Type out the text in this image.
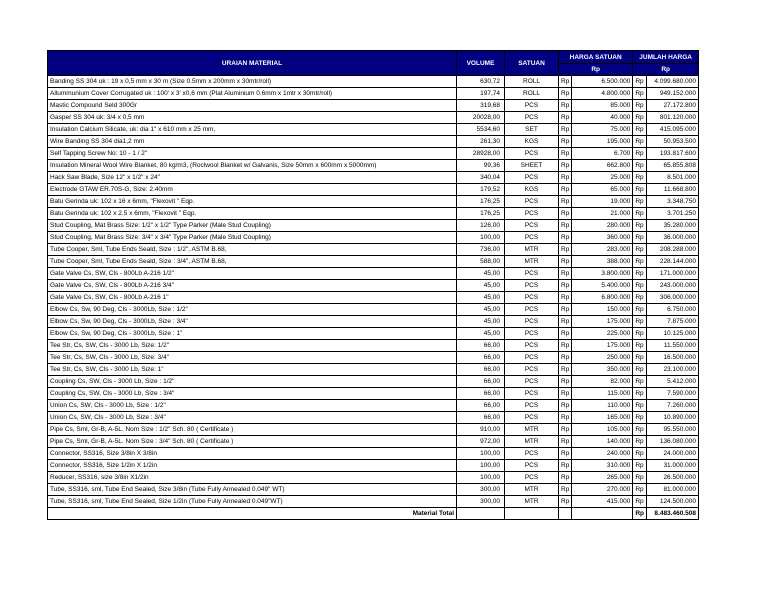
URAIAN MATERIAL	VOLUME	SATUAN	HARGA SATUAN		JUMLAH HARGA	
			Rp		Rp	
Banding SS 304 uk : 19 x 0,5 mm x 30 m (Size 0.5mm x 200mm x 30mtr/roll)	630,72	ROLL	Rp	6.500.000	Rp	4.099.680.000
Allummunium Cover Corrugated uk : 100' x 3' x0,6 mm (Plat Aluminium 0.6mm x 1mtr x 30mtr/roll)	197,74	ROLL	Rp	4.800.000	Rp	949.152.000
Mastic Compound Seld 300Gr	319,68	PCS	Rp	85.000	Rp	27.172.800
Gasper SS 304 uk: 3/4 x 0,5 mm	20028,00	PCS	Rp	40.000	Rp	801.120.000
Insulation Calcium Silicate, uk: dia 1" x 610 mm x 25 mm,	5534,60	SET	Rp	75.000	Rp	415.095.000
Wire Banding SS 304 dia1,2 mm	261,30	KGS	Rp	195.000	Rp	50.953.500
Self Tapping Screw No: 10 - 1 / 2"	28928,00	PCS	Rp	6.700	Rp	193.817.600
Insulation Mineral Wool Wire Blanket, 80 kg/m3, (Roclwool Blanket w/ Galvanis, Size 50mm x 600mm x 5000mm)	99,36	SHEET	Rp	662.800	Rp	65.855.808
Hack Saw Blade, Size 12" x 1/2" x 24"	340,04	PCS	Rp	25.000	Rp	8.501.000
Electrode GTAW ER.70S-G, Size: 2.40mm	179,52	KGS	Rp	65.000	Rp	11.668.800
Batu Gerinda uk: 102 x 16 x 6mm, "Flexovit " Eqp.	176,25	PCS	Rp	19.000	Rp	3.348.750
Batu Gerinda uk: 102 x 2.5 x 6mm, "Flexovit " Eqp.	176,25	PCS	Rp	21.000	Rp	3.701.250
Stud Coupling, Mat Brass Size: 1/2" x 1/2" Type Parker (Male Stud Coupling)	126,00	PCS	Rp	280.000	Rp	35.280.000
Stud Coupling, Mat Brass Size: 3/4" x 3/4" Type Parker (Male Stud Coupling)	100,00	PCS	Rp	360.000	Rp	36.000.000
Tube Cooper, Sml, Tube Ends Seald, Size : 1/2", ASTM B.68,	736,00	MTR	Rp	283.000	Rp	208.288.000
Tube Cooper, Sml, Tube Ends Seald, Size : 3/4", ASTM B.68,	588,00	MTR	Rp	388.000	Rp	228.144.000
Gate Valve Cs, SW, Cls - 800Lb A-216 1/2"	45,00	PCS	Rp	3.800.000	Rp	171.000.000
Gate Valve Cs, SW, Cls - 800Lb A-216 3/4"	45,00	PCS	Rp	5.400.000	Rp	243.000.000
Gate Valve Cs, SW, Cls - 800Lb A-216 1"	45,00	PCS	Rp	6.800.000	Rp	306.000.000
Elbow Cs, Sw, 90 Deg, Cls - 3000Lb, Size : 1/2"	45,00	PCS	Rp	150.000	Rp	6.750.000
Elbow Cs, Sw, 90 Deg, Cls - 3000Lb, Size : 3/4"	45,00	PCS	Rp	175.000	Rp	7.875.000
Elbow Cs, Sw, 90 Deg, Cls - 3000Lb, Size : 1"	45,00	PCS	Rp	225.000	Rp	10.125.000
Tee Str, Cs, SW, Cls - 3000 Lb, Size: 1/2"	66,00	PCS	Rp	175.000	Rp	11.550.000
Tee Str, Cs, SW, Cls - 3000 Lb, Size: 3/4"	66,00	PCS	Rp	250.000	Rp	16.500.000
Tee Str, Cs, SW, Cls - 3000 Lb, Size: 1"	66,00	PCS	Rp	350.000	Rp	23.100.000
Coupling Cs, SW, Cls - 3000 Lb, Size : 1/2"	66,00	PCS	Rp	82.000	Rp	5.412.000
Coupling Cs, SW, Cls - 3000 Lb, Size : 3/4"	66,00	PCS	Rp	115.000	Rp	7.590.000
Union Cs, SW, Cls - 3000 Lb, Size : 1/2"	66,00	PCS	Rp	110.000	Rp	7.260.000
Union Cs, SW, Cls - 3000 Lb, Size : 3/4"	66,00	PCS	Rp	165.000	Rp	10.890.000
Pipe Cs, Sml, Gr-B, A-5L. Nom Size : 1/2" Sch. 80 ( Certificate )	910,00	MTR	Rp	105.000	Rp	95.550.000
Pipe Cs, Sml, Gr-B, A-5L. Nom Size : 3/4" Sch. 80 ( Certificate )	972,00	MTR	Rp	140.000	Rp	136.080.000
Connector, SS316, Size 3/8in X 3/8in	100,00	PCS	Rp	240.000	Rp	24.000.000
Connector, SS316, Size 1/2in X 1/2in	100,00	PCS	Rp	310.000	Rp	31.000.000
Reducer, SS316, size 3/8in X1/2in	100,00	PCS	Rp	265.000	Rp	26.500.000
Tube, SS316, sml, Tube End Sealed, Size 3/8in (Tube Fully Annealed 0.049" WT)	300,00	MTR	Rp	270.000	Rp	81.000.000
Tube, SS316, sml, Tube End Sealed, Size 1/2in (Tube Fully Annealed 0.049"WT)	300,00	MTR	Rp	415.000	Rp	124.500.000
Material Total					Rp	8.483.460.508
